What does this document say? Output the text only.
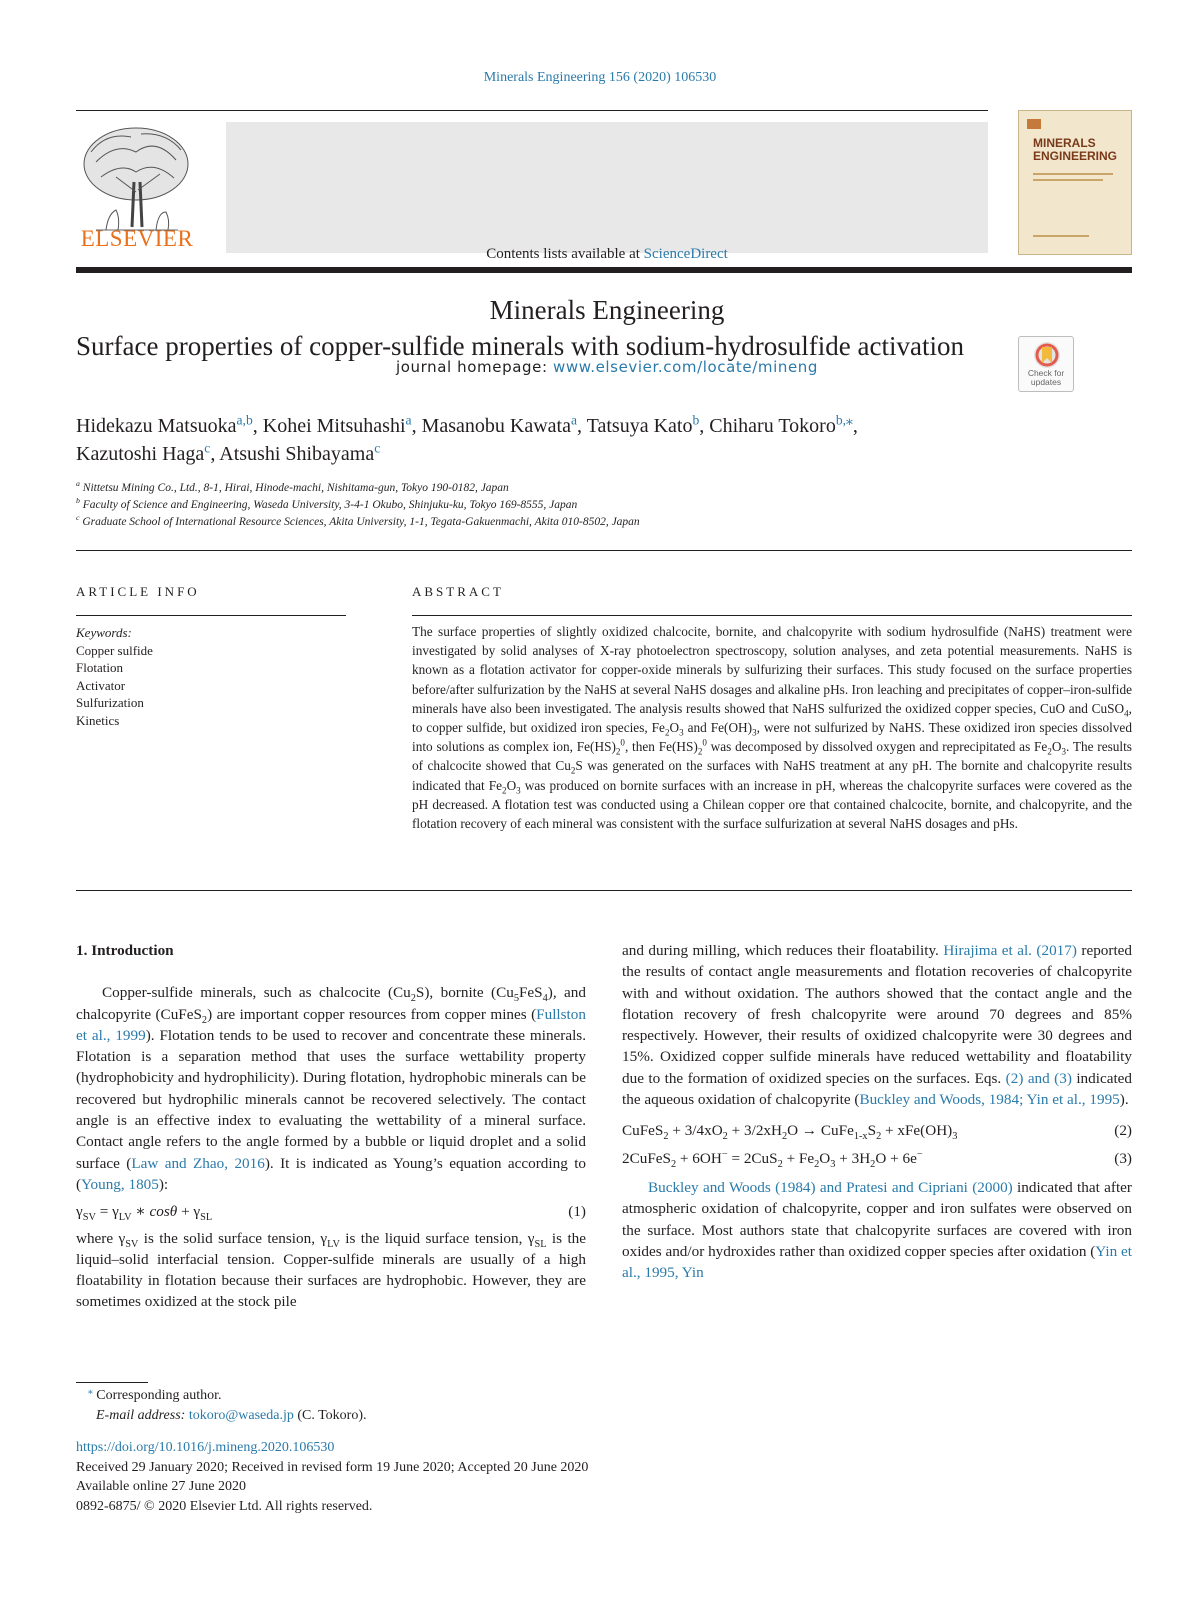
Minerals Engineering 156 (2020) 106530
ELSEVIER
Contents lists available at ScienceDirect
Minerals Engineering
journal homepage: www.elsevier.com/locate/mineng
MINERALS
ENGINEERING
Surface properties of copper-sulfide minerals with sodium-hydrosulfide activation
Check for
updates
Hidekazu Matsuoka$^{a,b}$, Kohei Mitsuhashi$^a$, Masanobu Kawata$^a$, Tatsuya Kato$^b$, Chiharu Tokoro$^{b,⁎}$,
Kazutoshi Haga$^c$, Atsushi Shibayama$^c$
$^a$ Nittetsu Mining Co., Ltd., 8-1, Hirai, Hinode-machi, Nishitama-gun, Tokyo 190-0182, Japan
$^b$ Faculty of Science and Engineering, Waseda University, 3-4-1 Okubo, Shinjuku-ku, Tokyo 169-8555, Japan
$^c$ Graduate School of International Resource Sciences, Akita University, 1-1, Tegata-Gakuenmachi, Akita 010-8502, Japan
ARTICLE INFO	ABSTRACT
Keywords:
Copper sulfide
Flotation
Activator
Sulfurization
Kinetics
The surface properties of slightly oxidized chalcocite, bornite, and chalcopyrite with sodium hydrosulfide (NaHS) treatment were investigated by solid analyses of X-ray photoelectron spectroscopy, solution analyses, and zeta potential measurements. NaHS is known as a flotation activator for copper-oxide minerals by sulfurizing their surfaces. This study focused on the surface properties before/after sulfurization by the NaHS at several NaHS dosages and alkaline pHs. Iron leaching and precipitates of copper–iron-sulfide minerals have also been investigated. The analysis results showed that NaHS sulfurized the oxidized copper species, CuO and CuSO$_4$, to copper sulfide, but oxidized iron species, $Fe_2O_3$ and $Fe(OH)_3$, were not sulfurized by NaHS. These oxidized iron species dissolved into solutions as complex ion, $Fe(HS)_2^0$, then $Fe(HS)_2^0$ was decomposed by dissolved oxygen and reprecipitated as $Fe_2O_3$. The results of chalcocite showed that $Cu_2S$ was generated on the surfaces with NaHS treatment at any pH. The bornite and chalcopyrite results indicated that $Fe_2O_3$ was produced on bornite surfaces with an increase in pH, whereas the chalcopyrite surfaces were covered as the pH decreased. A flotation test was conducted using a Chilean copper ore that contained chalcocite, bornite, and chalcopyrite, and the flotation recovery of each mineral was consistent with the surface sulfurization at several NaHS dosages and pHs.

1. Introduction

Copper-sulfide minerals, such as chalcocite $(Cu_2S)$, bornite $(Cu_5FeS_4)$, and chalcopyrite (CuFeS$_2$) are important copper resources from copper mines (Fullston et al., 1999). Flotation tends to be used to recover and concentrate these minerals. Flotation is a separation method that uses the surface wettability property (hydrophobicity and hydrophilicity). During flotation, hydrophobic minerals can be recovered but hydrophilic minerals cannot be recovered selectively. The contact angle is an effective index to evaluating the wettability of a mineral surface. Contact angle refers to the angle formed by a bubble or liquid droplet and a solid surface (Law and Zhao, 2016). It is indicated as Young’s equation according to (Young, 1805):

$\gamma_{SV} = \gamma_{LV}$ ∗ $\cos\theta + \gamma_{SL}$	(1)

where $\gamma_{SV}$ is the solid surface tension, $\gamma_{LV}$ is the liquid surface tension, $\gamma_{SL}$ is the liquid–solid interfacial tension. Copper-sulfide minerals are usually of a high floatability in flotation because their surfaces are hydrophobic. However, they are sometimes oxidized at the stock pile

and during milling, which reduces their floatability. Hirajima et al. (2017) reported the results of contact angle measurements and flotation recoveries of chalcopyrite with and without oxidation. The authors showed that the contact angle and the flotation recovery of fresh chalcopyrite were around 70 degrees and 85% respectively. However, their results of oxidized chalcopyrite were 30 degrees and 15%. Oxidized copper sulfide minerals have reduced wettability and floatability due to the formation of oxidized species on the surfaces. Eqs. (2) and (3) indicated the aqueous oxidation of chalcopyrite (Buckley and Woods, 1984; Yin et al., 1995).

CuFeS$_2$ + $3/4xO_2 + 3/2xH_2O$ → $CuFe_{1-x}S_2 + xFe(OH)_3$	(2)

2CuFeS$_2$ + $6OH^- = 2CuS_2 + Fe_2O_3 + 3H_2O + 6e^-$	(3)

Buckley and Woods (1984) and Pratesi and Cipriani (2000) indicated that after atmospheric oxidation of chalcopyrite, copper and iron sulfates were observed on the surface. Most authors state that chalcopyrite surfaces are covered with iron oxides and/or hydroxides rather than oxidized copper species after oxidation (Yin et al., 1995, Yin

⁎ Corresponding author.
E-mail address: tokoro@waseda.jp (C. Tokoro).
https://doi.org/10.1016/j.mineng.2020.106530
Received 29 January 2020; Received in revised form 19 June 2020; Accepted 20 June 2020
Available online 27 June 2020
0892-6875/ © 2020 Elsevier Ltd. All rights reserved.
